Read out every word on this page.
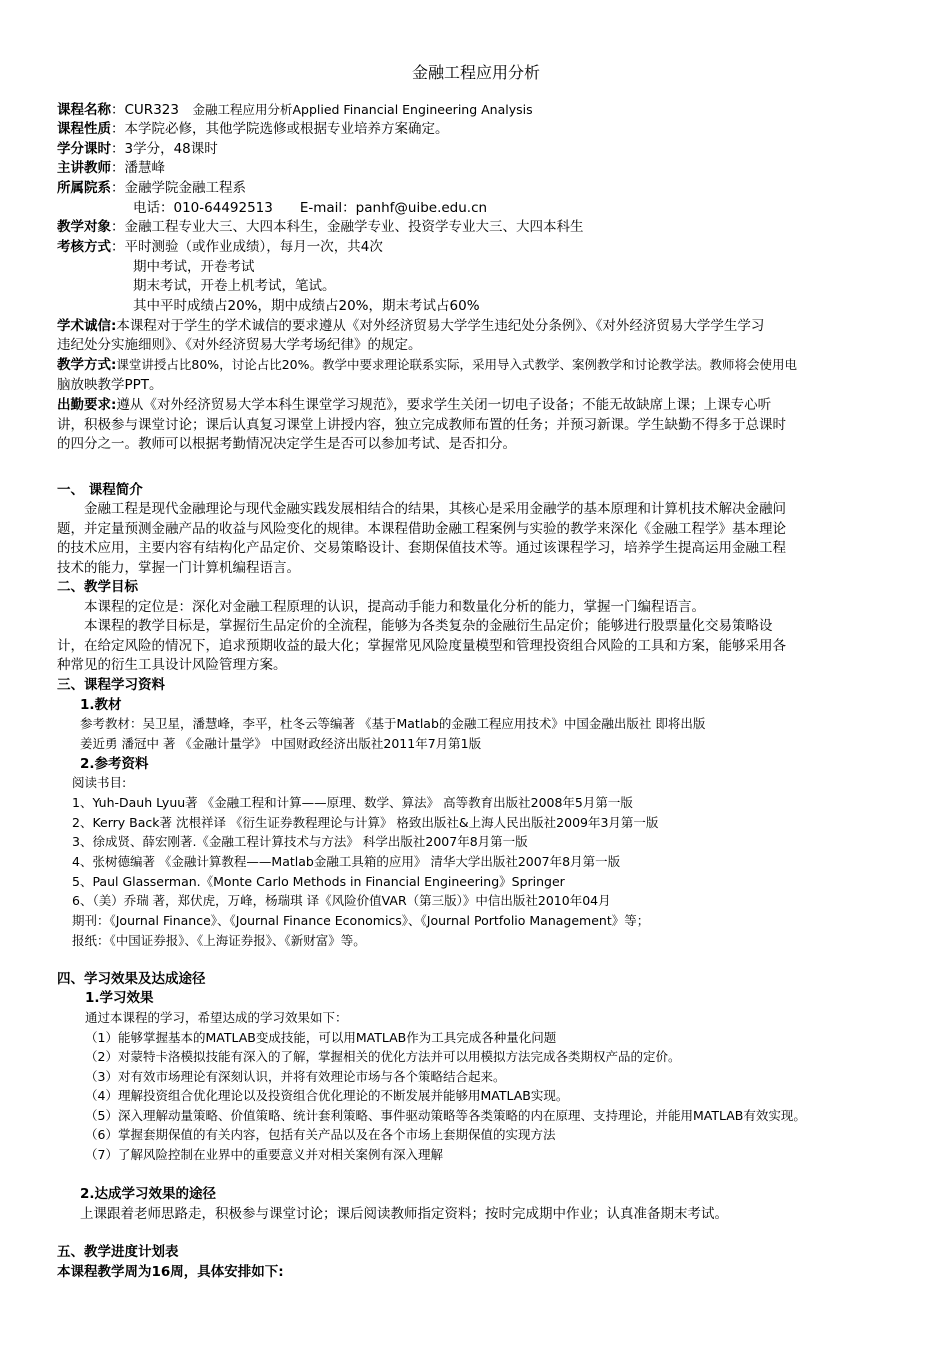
金融工程应用分析
课程名称：CUR323　 金融工程应用分析Applied Financial Engineering Analysis
课程性质：本学院必修，其他学院选修或根据专业培养方案确定。
学分课时：3学分，48课时
主讲教师：潘慧峰
所属院系：金融学院金融工程系
电话：010-64492513　　E-mail：panhf@uibe.edu.cn
教学对象：金融工程专业大三、大四本科生，金融学专业、投资学专业大三、大四本科生
考核方式：平时测验（或作业成绩），每月一次，共4次
期中考试，开卷考试
期末考试，开卷上机考试，笔试。
其中平时成绩占20%，期中成绩占20%，期末考试占60%
学术诚信:本课程对于学生的学术诚信的要求遵从《对外经济贸易大学学生违纪处分条例》、《对外经济贸易大学学生学习
违纪处分实施细则》、《对外经济贸易大学考场纪律》的规定。
教学方式:课堂讲授占比80%，讨论占比20%。教学中要求理论联系实际，采用导入式教学、案例教学和讨论教学法。教师将会使用电
脑放映教学PPT。
出勤要求:遵从《对外经济贸易大学本科生课堂学习规范》，要求学生关闭一切电子设备；不能无故缺席上课；上课专心听
讲，积极参与课堂讨论；课后认真复习课堂上讲授内容，独立完成教师布置的任务；并预习新课。学生缺勤不得多于总课时
的四分之一。教师可以根据考勤情况决定学生是否可以参加考试、是否扣分。
一、 课程简介
　　金融工程是现代金融理论与现代金融实践发展相结合的结果，其核心是采用金融学的基本原理和计算机技术解决金融问
题，并定量预测金融产品的收益与风险变化的规律。本课程借助金融工程案例与实验的教学来深化《金融工程学》基本理论
的技术应用，主要内容有结构化产品定价、交易策略设计、套期保值技术等。通过该课程学习，培养学生提高运用金融工程
技术的能力，掌握一门计算机编程语言。
二、教学目标
　　本课程的定位是：深化对金融工程原理的认识，提高动手能力和数量化分析的能力，掌握一门编程语言。
　　本课程的教学目标是，掌握衍生品定价的全流程，能够为各类复杂的金融衍生品定价；能够进行股票量化交易策略设
计，在给定风险的情况下，追求预期收益的最大化；掌握常见风险度量模型和管理投资组合风险的工具和方案，能够采用各
种常见的衍生工具设计风险管理方案。
三、课程学习资料
1.教材
参考教材：吴卫星，潘慧峰，李平，杜冬云等编著 《基于Matlab的金融工程应用技术》中国金融出版社 即将出版
姜近勇 潘冠中 著 《金融计量学》 中国财政经济出版社2011年7月第1版
2.参考资料
阅读书目:
1、Yuh-Dauh Lyuu著 《金融工程和计算——原理、数学、算法》 高等教育出版社2008年5月第一版
2、Kerry Back著 沈根祥译 《衍生证券教程理论与计算》 格致出版社&上海人民出版社2009年3月第一版
3、徐成贤、薛宏刚著.《金融工程计算技术与方法》 科学出版社2007年8月第一版
4、张树德编著 《金融计算教程——Matlab金融工具箱的应用》 清华大学出版社2007年8月第一版
5、Paul Glasserman.《Monte Carlo Methods in Financial Engineering》Springer
6、（美）乔瑞 著，郑伏虎，万峰，杨瑞琪 译《风险价值VAR（第三版）》中信出版社2010年04月
期刊：《Journal Finance》、《Journal Finance Economics》、《Journal Portfolio Management》等；
报纸：《中国证券报》、《上海证券报》、《新财富》等。
四、学习效果及达成途径
1.学习效果
通过本课程的学习，希望达成的学习效果如下：
（1）能够掌握基本的MATLAB变成技能，可以用MATLAB作为工具完成各种量化问题
（2）对蒙特卡洛模拟技能有深入的了解，掌握相关的优化方法并可以用模拟方法完成各类期权产品的定价。
（3）对有效市场理论有深刻认识，并将有效理论市场与各个策略结合起来。
（4）理解投资组合优化理论以及投资组合优化理论的不断发展并能够用MATLAB实现。
（5）深入理解动量策略、价值策略、统计套利策略、事件驱动策略等各类策略的内在原理、支持理论，并能用MATLAB有效实现。
（6）掌握套期保值的有关内容，包括有关产品以及在各个市场上套期保值的实现方法
（7）了解风险控制在业界中的重要意义并对相关案例有深入理解
2.达成学习效果的途径
上课跟着老师思路走，积极参与课堂讨论；课后阅读教师指定资料；按时完成期中作业；认真准备期末考试。
五、教学进度计划表
本课程教学周为16周，具体安排如下:
